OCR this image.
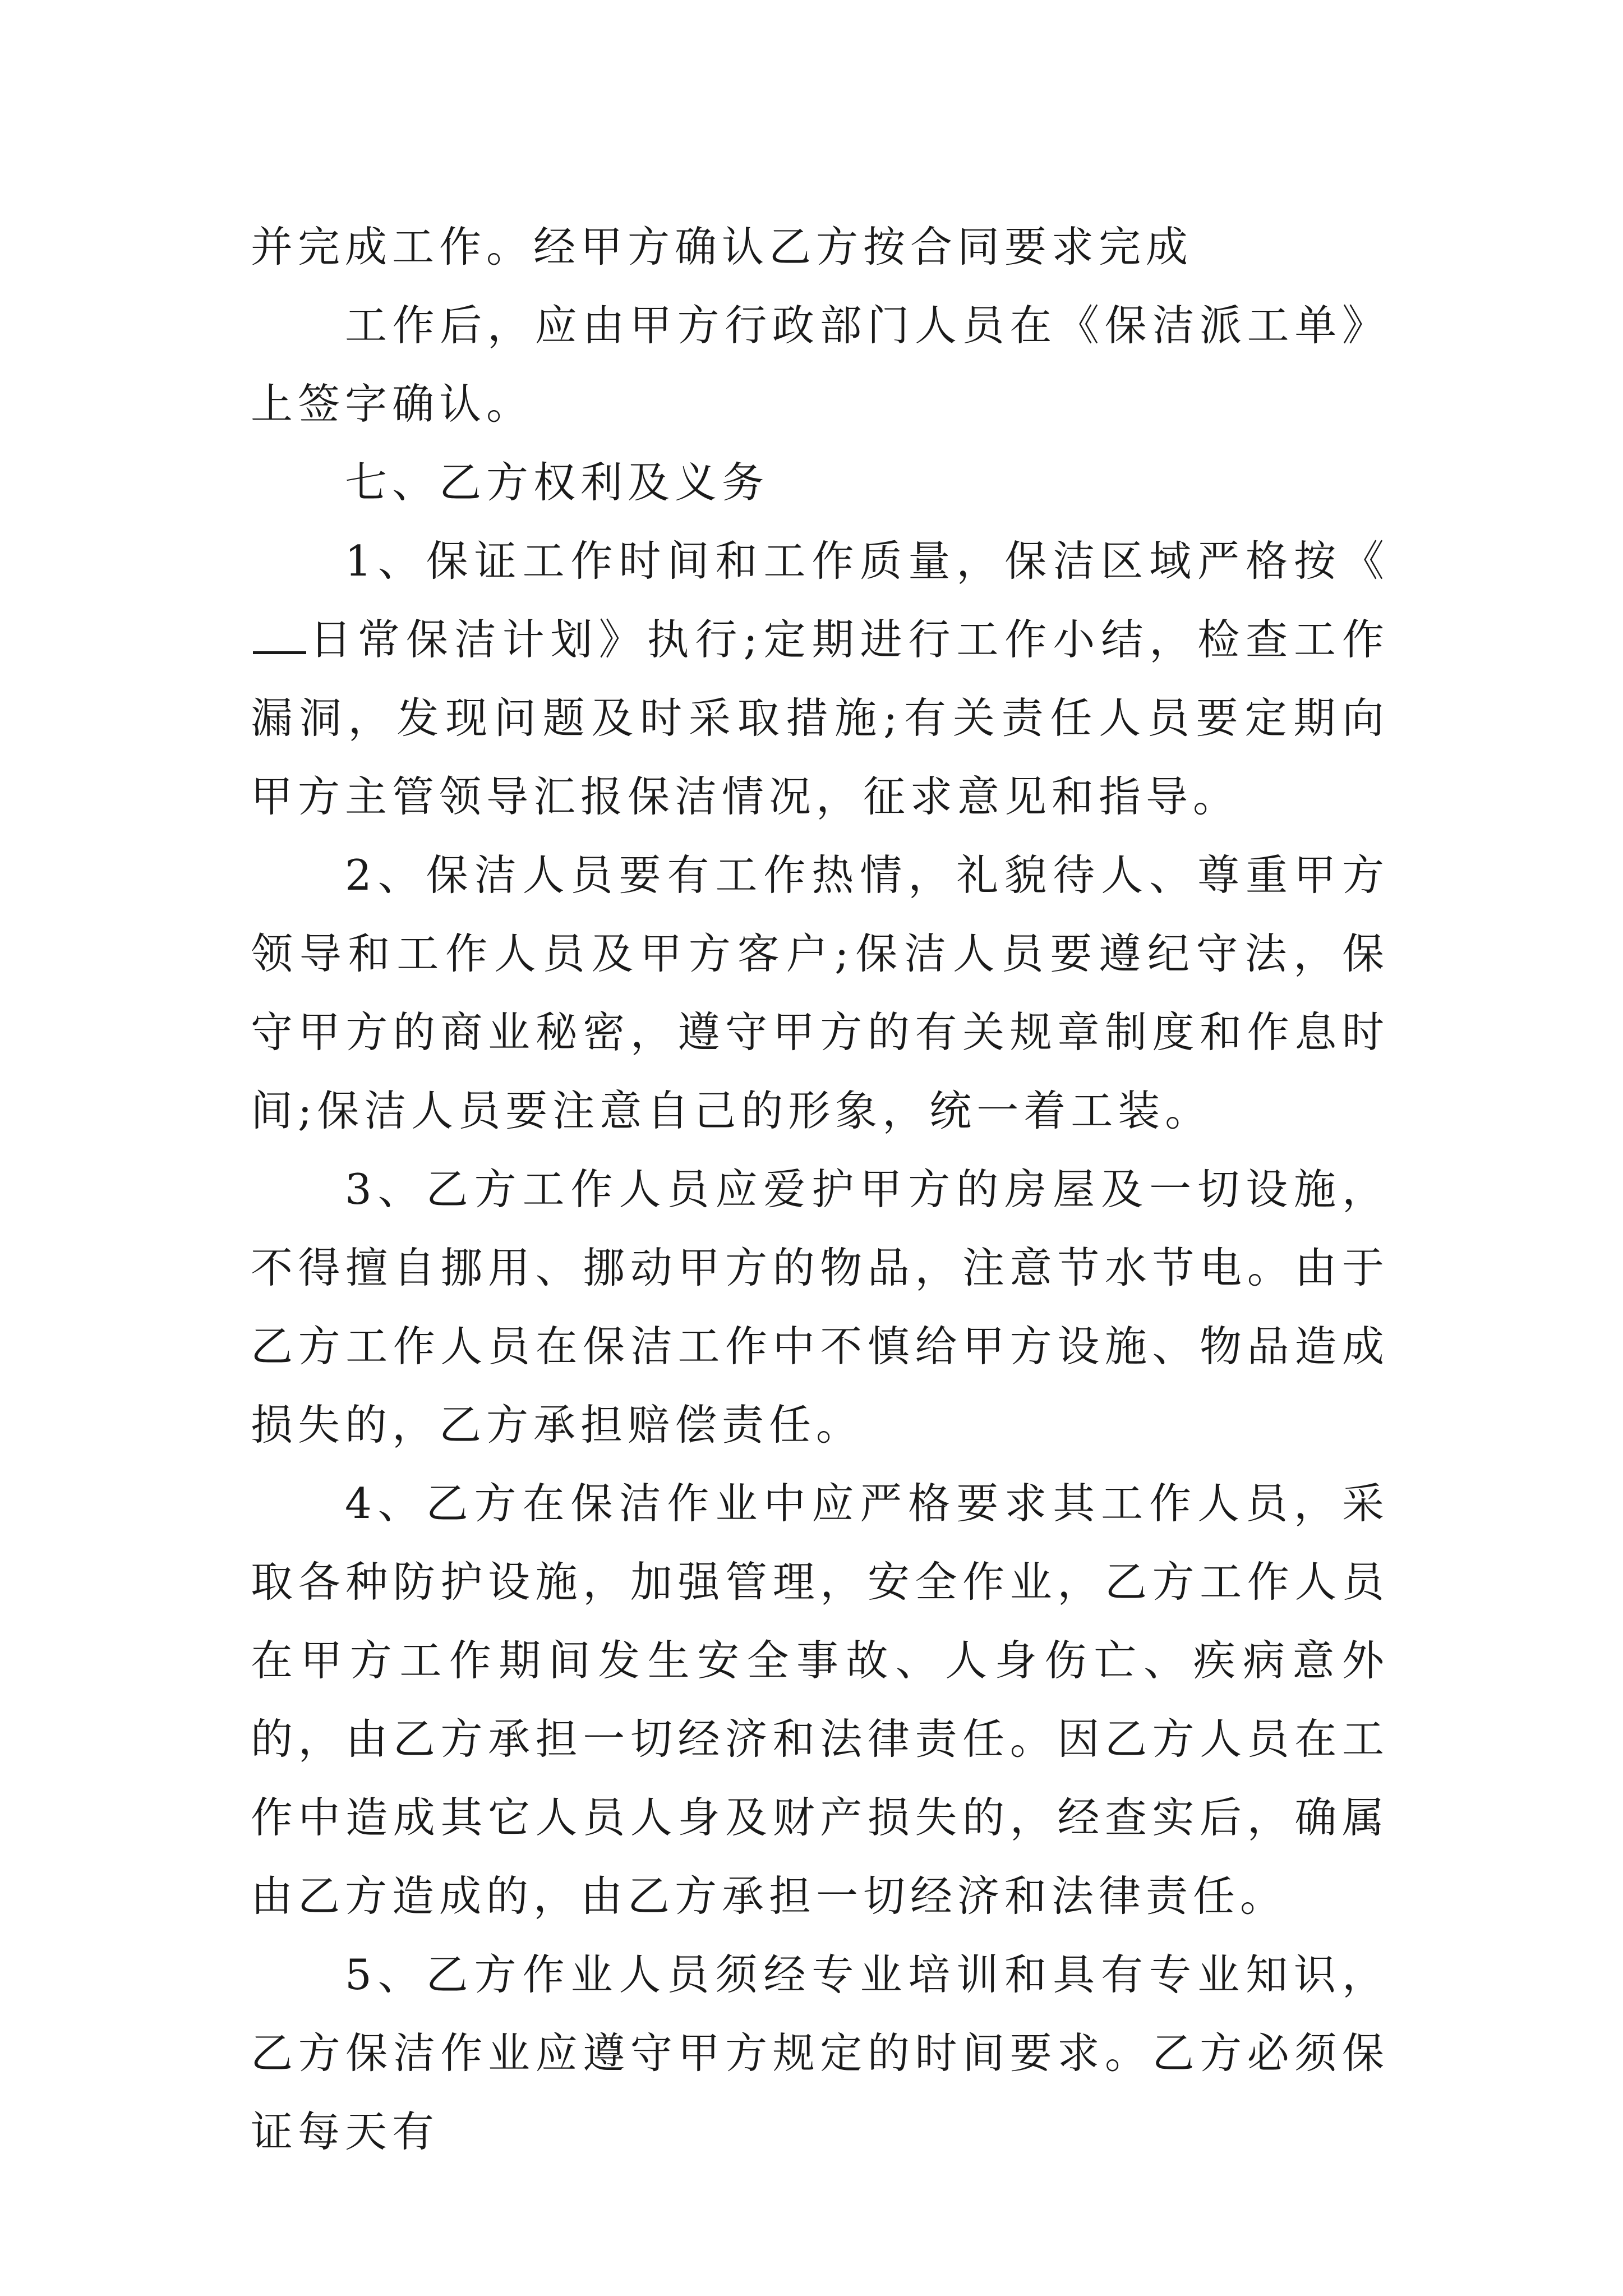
并完成工作。经甲方确认乙方按合同要求完成

工作后，应由甲方行政部门人员在《保洁派工单》上签字确认。

七、乙方权利及义务

1、保证工作时间和工作质量，保洁区域严格按《日常保洁计划》执行;定期进行工作小结，检查工作漏洞，发现问题及时采取措施;有关责任人员要定期向甲方主管领导汇报保洁情况，征求意见和指导。

2、保洁人员要有工作热情，礼貌待人、尊重甲方领导和工作人员及甲方客户;保洁人员要遵纪守法，保守甲方的商业秘密，遵守甲方的有关规章制度和作息时间;保洁人员要注意自己的形象，统一着工装。

3、乙方工作人员应爱护甲方的房屋及一切设施，不得擅自挪用、挪动甲方的物品，注意节水节电。由于乙方工作人员在保洁工作中不慎给甲方设施、物品造成损失的，乙方承担赔偿责任。

4、乙方在保洁作业中应严格要求其工作人员，采取各种防护设施，加强管理，安全作业，乙方工作人员在甲方工作期间发生安全事故、人身伤亡、疾病意外的，由乙方承担一切经济和法律责任。因乙方人员在工作中造成其它人员人身及财产损失的，经查实后，确属由乙方造成的，由乙方承担一切经济和法律责任。

5、乙方作业人员须经专业培训和具有专业知识，乙方保洁作业应遵守甲方规定的时间要求。乙方必须保证每天有
